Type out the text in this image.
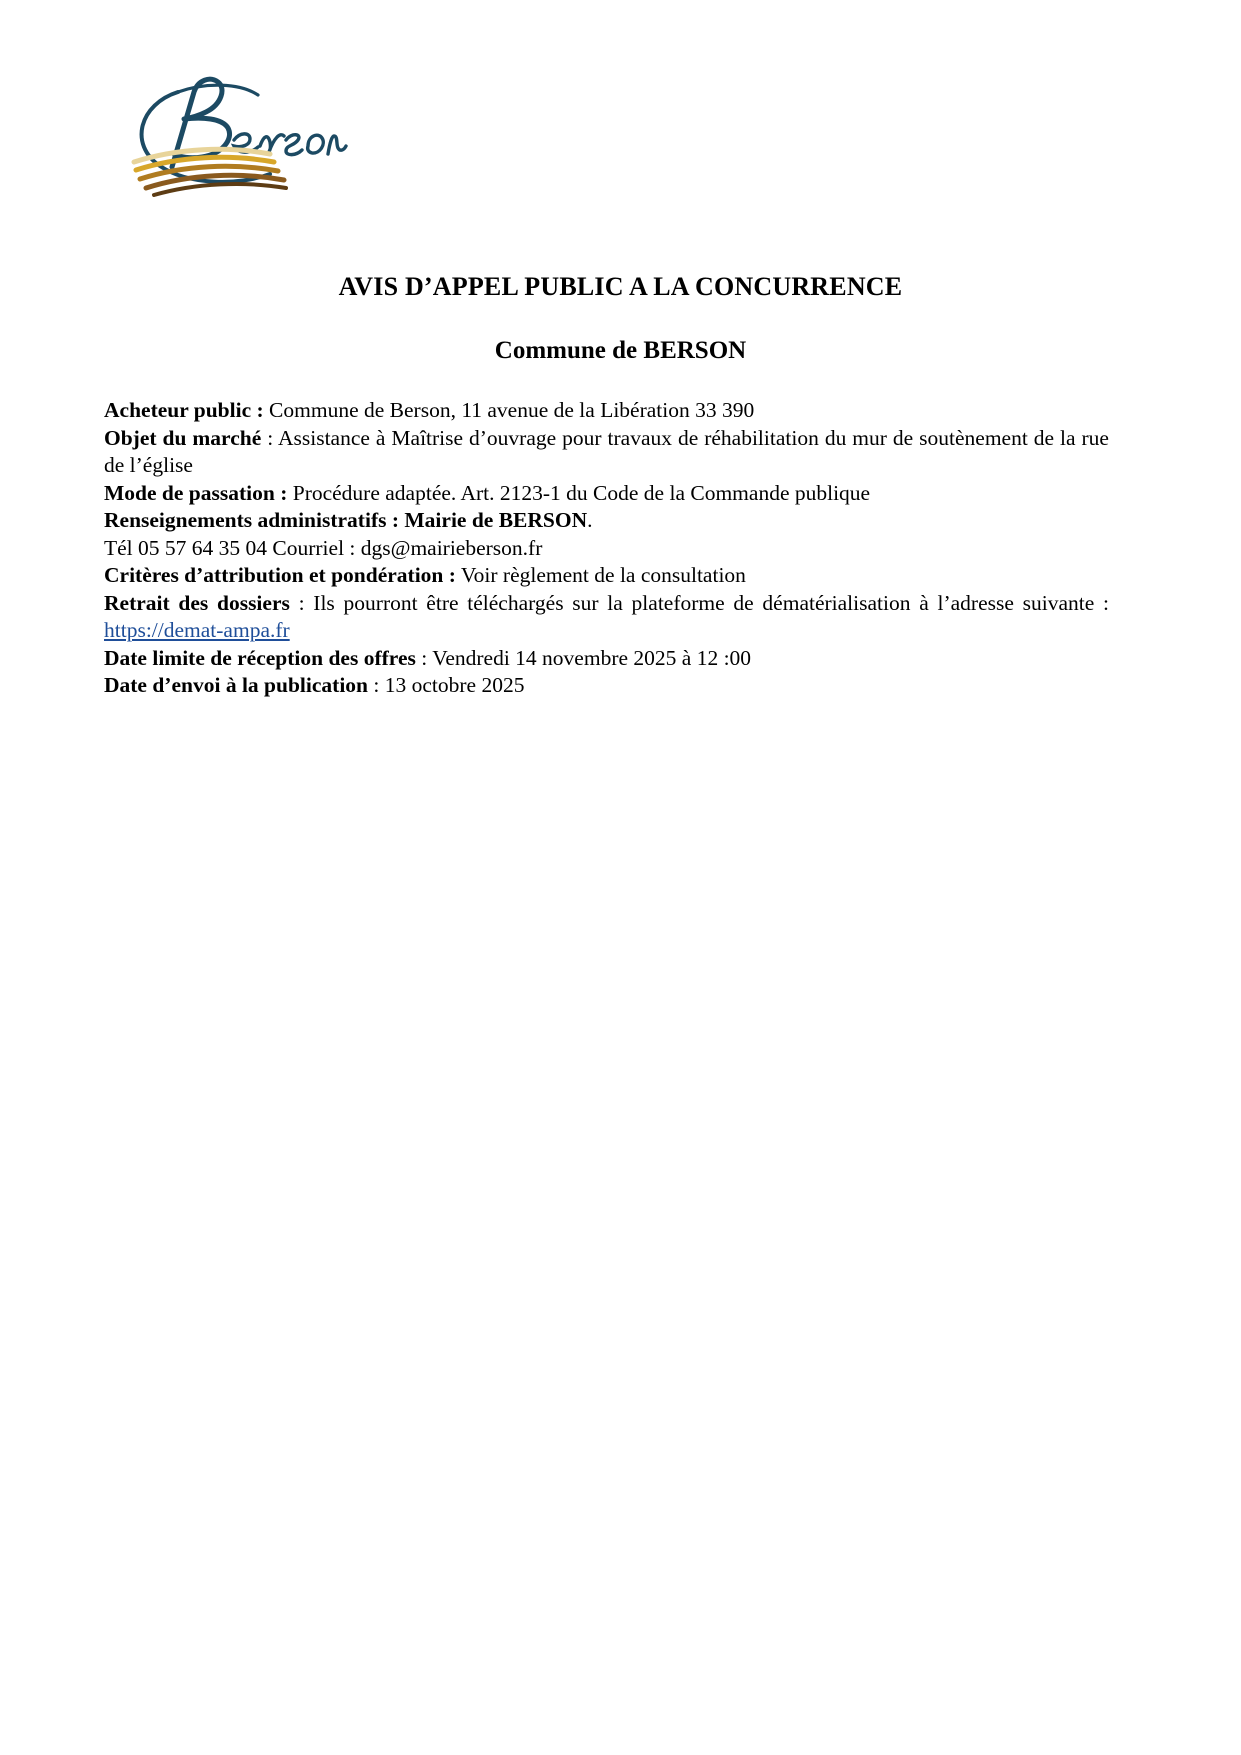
AVIS D’APPEL PUBLIC A LA CONCURRENCE
Commune de BERSON

Acheteur public : Commune de Berson, 11 avenue de la Libération 33 390

Objet du marché : Assistance à Maîtrise d’ouvrage pour travaux de réhabilitation du mur de soutènement de la rue de l’église

Mode de passation : Procédure adaptée. Art. 2123-1 du Code de la Commande publique

Renseignements administratifs : Mairie de BERSON.

Tél 05 57 64 35 04 Courriel : dgs@mairieberson.fr

Critères d’attribution et pondération : Voir règlement de la consultation

Retrait des dossiers : Ils pourront être téléchargés sur la plateforme de dématérialisation à l’adresse suivante : https://demat-ampa.fr

Date limite de réception des offres : Vendredi 14 novembre 2025 à 12 :00

Date d’envoi à la publication : 13 octobre 2025
